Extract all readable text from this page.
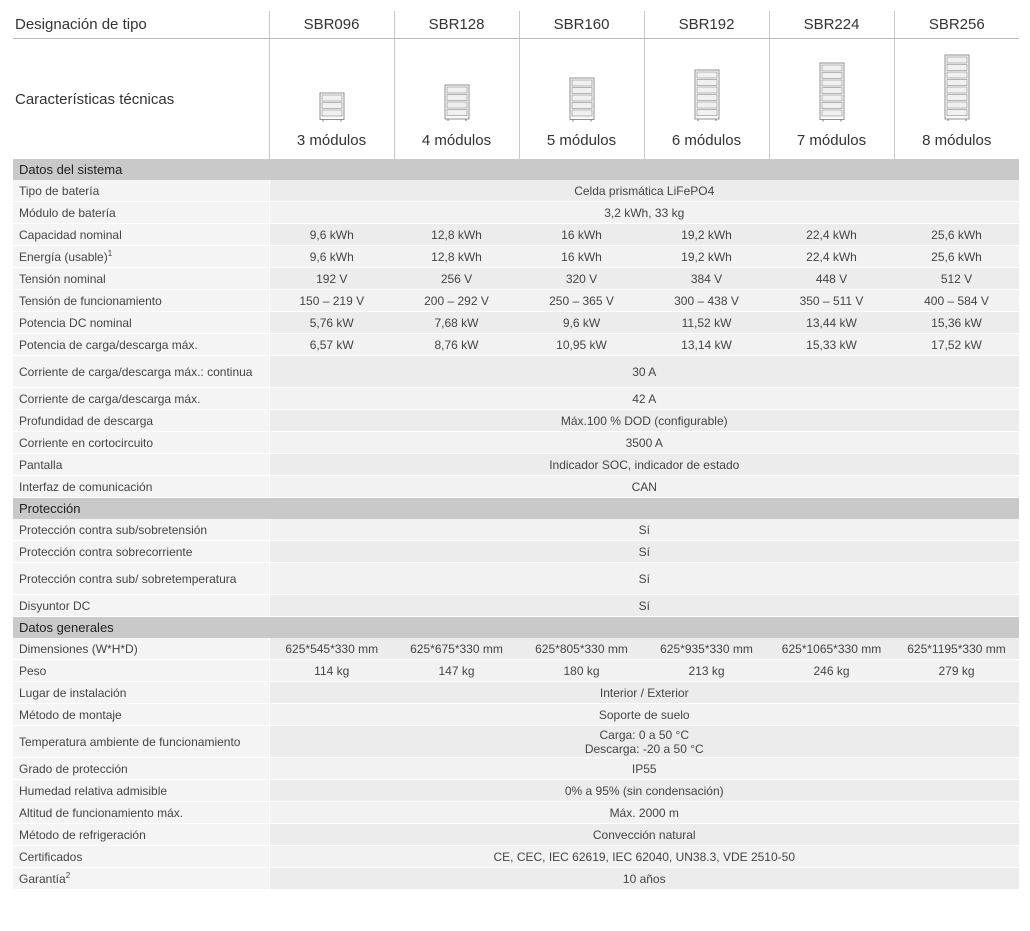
Designación de tipo	SBR096	SBR128	SBR160	SBR192	SBR224	SBR256
Características técnicas	3 módulos	4 módulos	5 módulos	6 módulos	7 módulos	8 módulos
Datos del sistema						
Tipo de batería	Celda prismática LiFePO4					

Módulo de batería	3,2 kWh, 33 kg					

Capacidad nominal	9,6 kWh	12,8 kWh	16 kWh	19,2 kWh	22,4 kWh	25,6 kWh
Energía (usable)$^1$	9,6 kWh	12,8 kWh	16 kWh	19,2 kWh	22,4 kWh	25,6 kWh
Tensión nominal	192 V	256 V	320 V	384 V	448 V	512 V
Tensión de funcionamiento	150 – 219 V	200 – 292 V	250 – 365 V	300 – 438 V	350 – 511 V	400 – 584 V
Potencia DC nominal	5,76 kW	7,68 kW	9,6 kW	11,52 kW	13,44 kW	15,36 kW
Potencia de carga/descarga máx.	6,57 kW	8,76 kW	10,95 kW	13,14 kW	15,33 kW	17,52 kW
Corriente de carga/descarga máx.: continua	30 A					

Corriente de carga/descarga máx.	42 A					

Profundidad de descarga	Máx.100 % DOD (configurable)					

Corriente en cortocircuito	3500 A					

Pantalla	Indicador SOC, indicador de estado					

Interfaz de comunicación	CAN					

Protección						
Protección contra sub/sobretensión	Sí					

Protección contra sobrecorriente	Sí					

Protección contra sub/ sobretemperatura	Sí					

Disyuntor DC	Sí					

Datos generales						
Dimensiones (W*H*D)	625*545*330 mm	625*675*330 mm	625*805*330 mm	625*935*330 mm	625*1065*330 mm	625*1195*330 mm
Peso	114 kg	147 kg	180 kg	213 kg	246 kg	279 kg
Lugar de instalación	Interior / Exterior					

Método de montaje	Soporte de suelo					

Temperatura ambiente de funcionamiento	Carga: 0 a 50 °C
Descarga: -20 a 50 °C					

Grado de protección	IP55					

Humedad relativa admisible	0% a 95% (sin condensación)					

Altitud de funcionamiento máx.	Máx. 2000 m					

Método de refrigeración	Convección natural					

Certificados	CE, CEC, IEC 62619, IEC 62040, UN38.3, VDE 2510-50					

Garantía$^2$	10 años					
